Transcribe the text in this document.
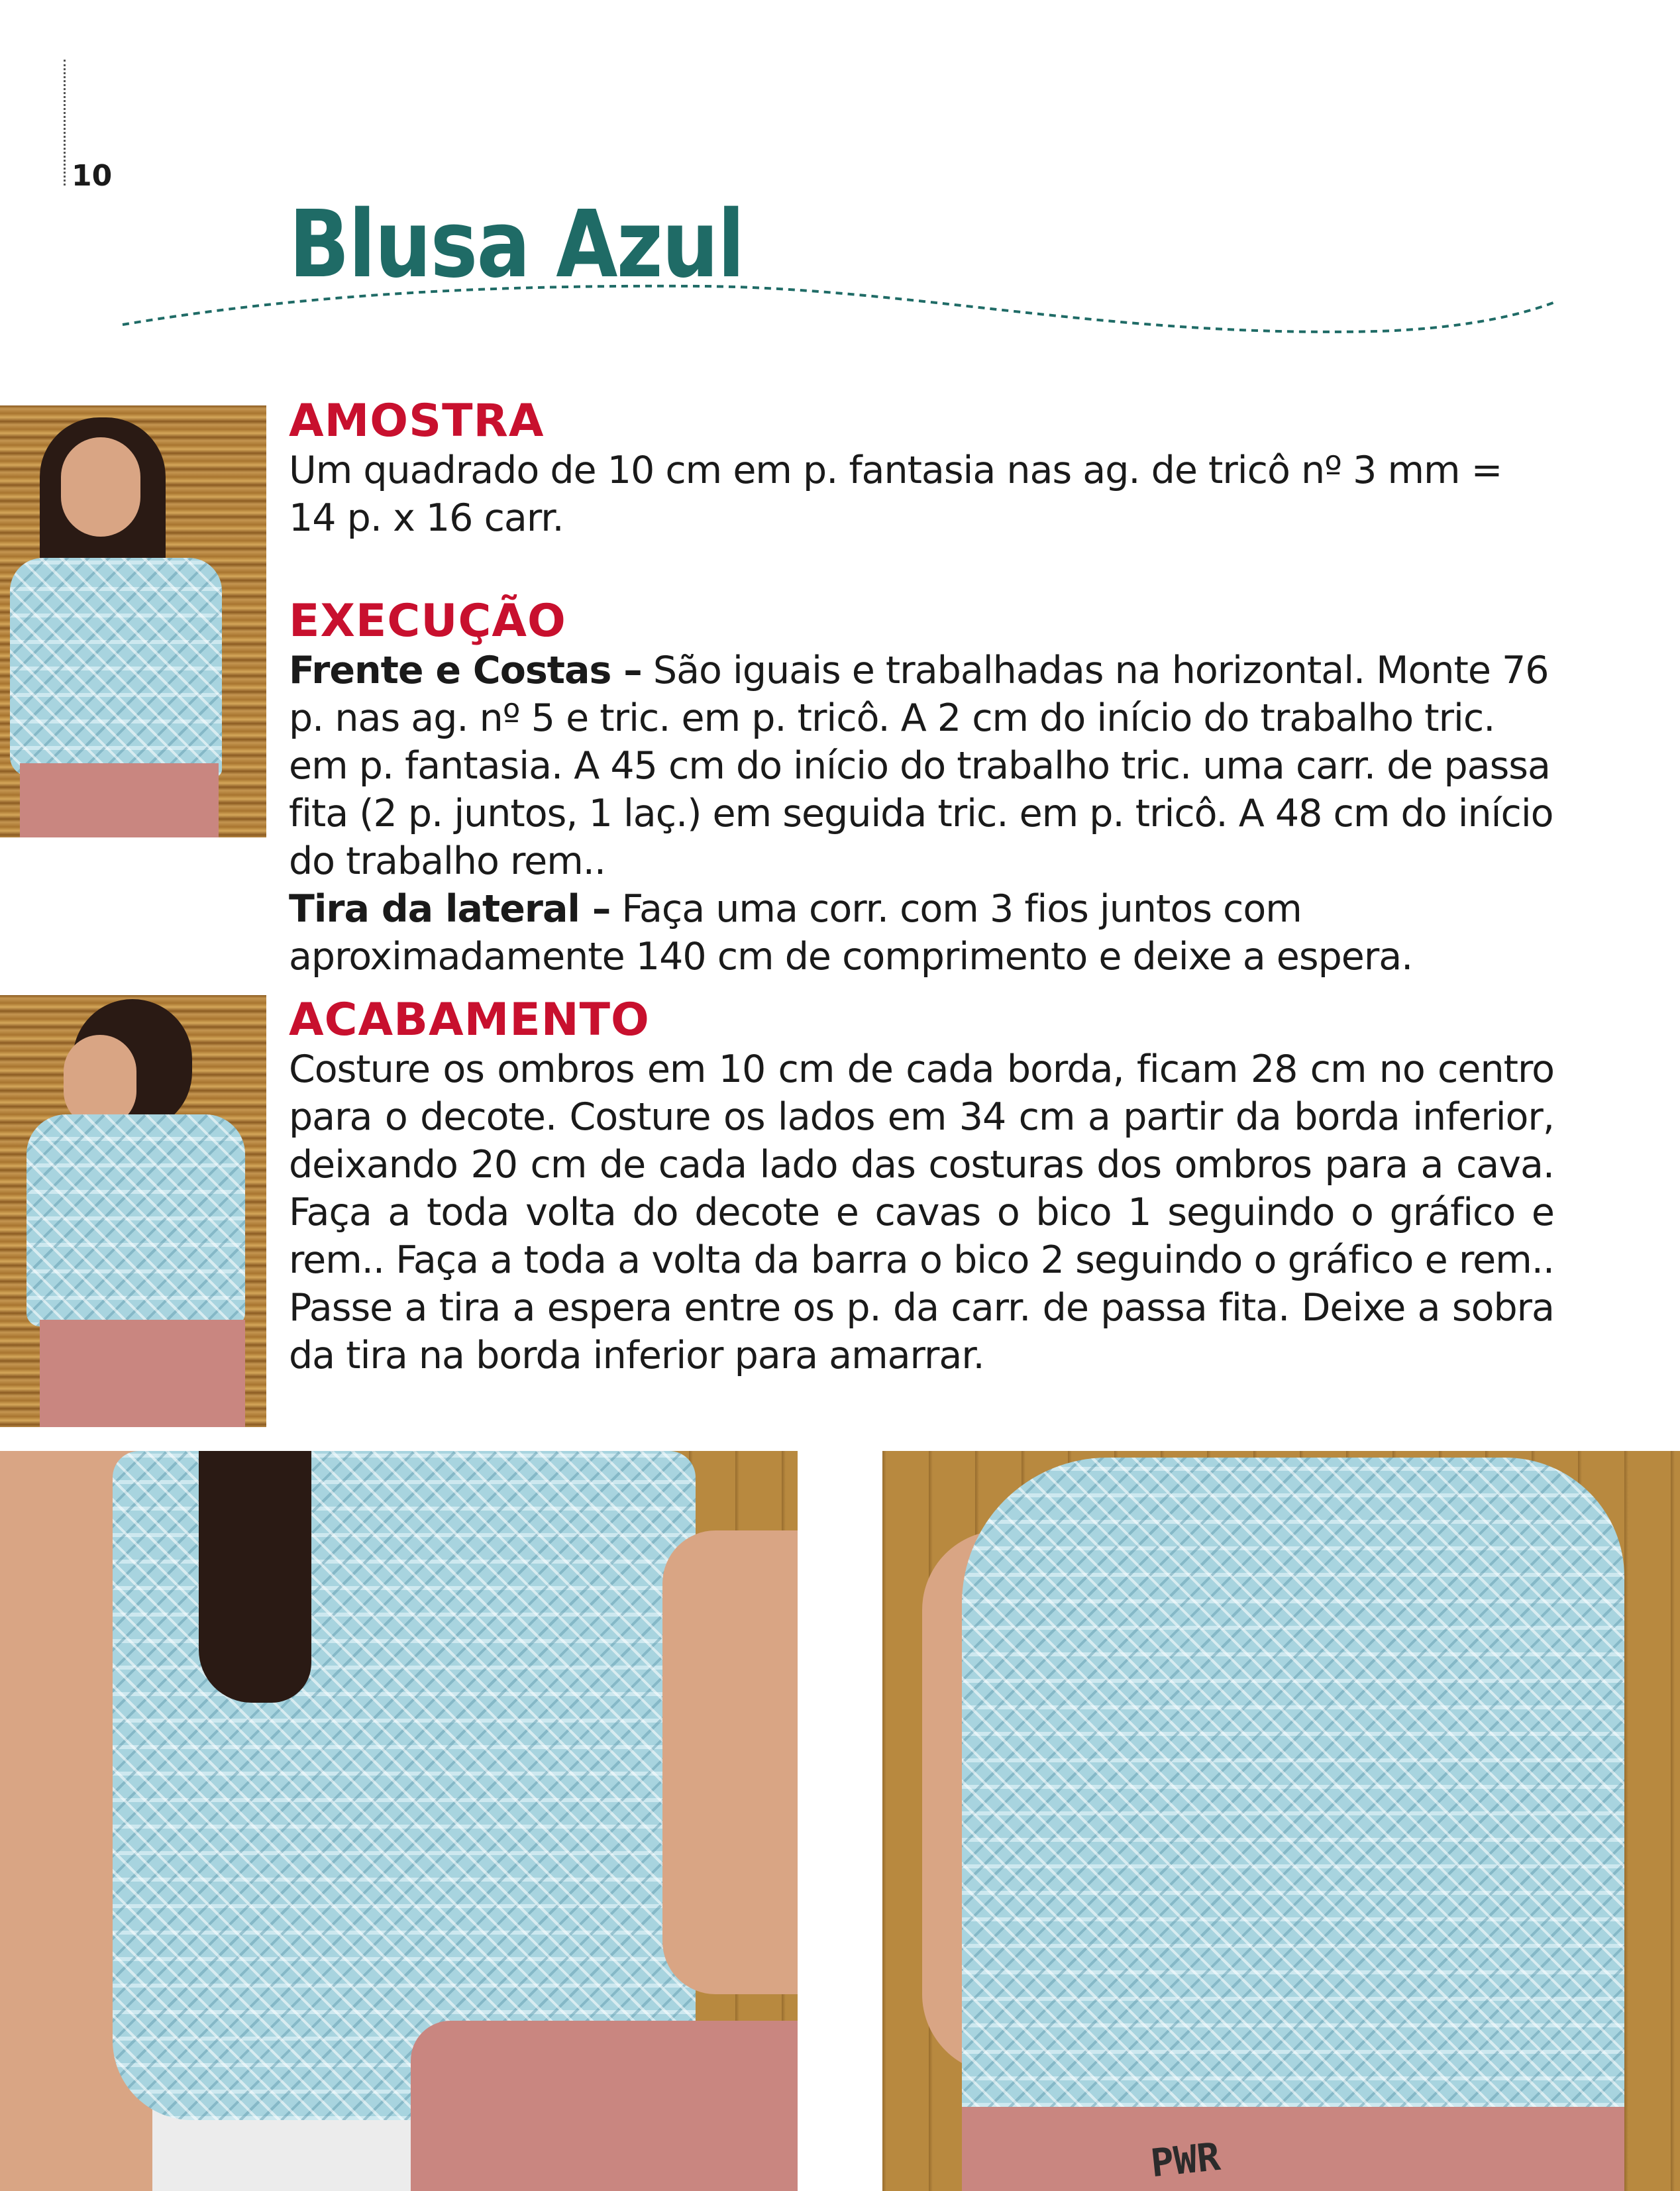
10
Blusa Azul
AMOSTRA
Um quadrado de 10 cm em p. fantasia nas ag. de tricô nº 3 mm = 14 p. x 16 carr.
EXECUÇÃO
Frente e Costas – São iguais e trabalhadas na horizontal. Monte 76 p. nas ag. nº 5 e tric. em p. tricô. A 2 cm do início do trabalho tric. em p. fantasia. A 45 cm do início do trabalho tric. uma carr. de passa fita (2 p. juntos, 1 laç.) em seguida tric. em p. tricô. A 48 cm do início do trabalho rem..
Tira da lateral – Faça uma corr. com 3 fios juntos com aproximadamente 140 cm de comprimento e deixe a espera.
ACABAMENTO
Costure os ombros em 10 cm de cada borda, ficam 28 cm no centro para o decote. Costure os lados em 34 cm a partir da borda inferior, deixando 20 cm de cada lado das costuras dos ombros para a cava. Faça a toda volta do decote e cavas o bico 1 seguindo o gráfico e rem.. Faça a toda a volta da barra o bico 2 seguindo o gráfico e rem.. Passe a tira a espera entre os p. da carr. de passa fita. Deixe a sobra da tira na borda inferior para amarrar.
PWR
